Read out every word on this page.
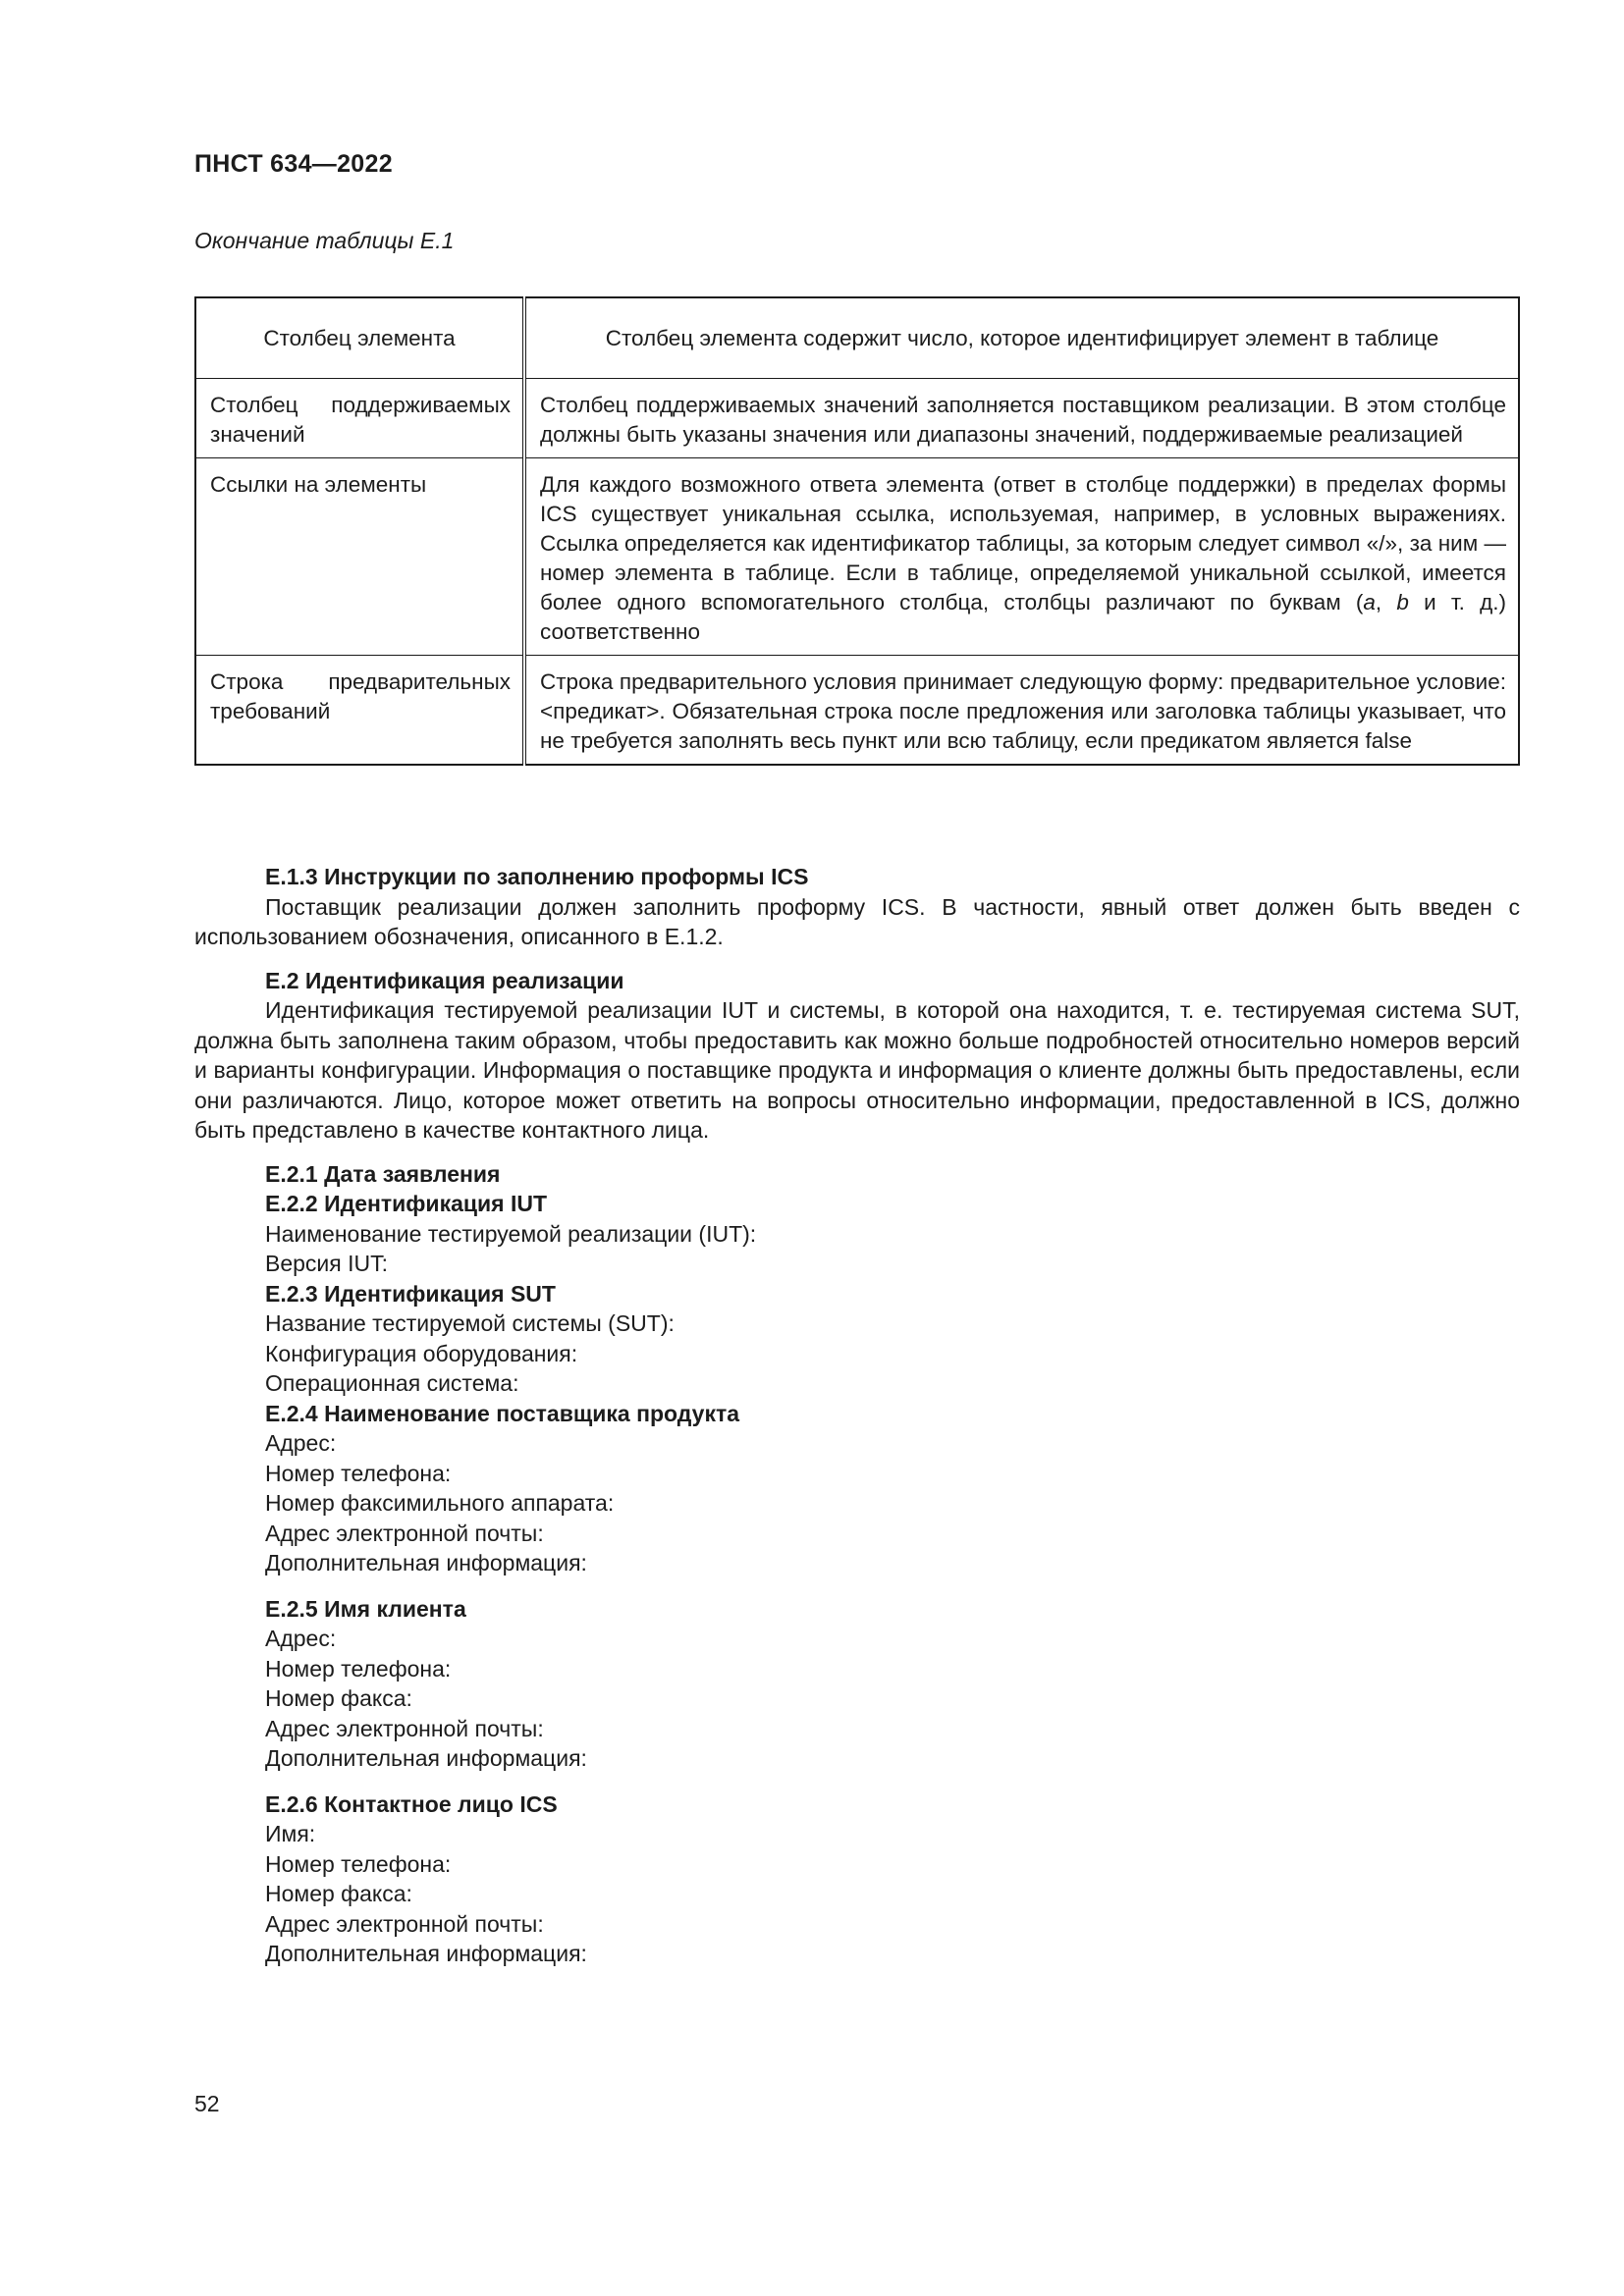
ПНСТ 634—2022

Окончание таблицы Е.1

Столбец элемента	Столбец элемента содержит число, которое идентифицирует элемент в таблице
Столбец поддерживаемых значений	Столбец поддерживаемых значений заполняется поставщиком реализации. В этом столбце должны быть указаны значения или диапазоны значений, поддерживаемые реализацией
Ссылки на элементы	Для каждого возможного ответа элемента (ответ в столбце поддержки) в пределах формы ICS существует уникальная ссылка, используемая, например, в условных выражениях. Ссылка определяется как идентификатор таблицы, за которым следует символ «/», за ним — номер элемента в таблице. Если в таблице, определяемой уникальной ссылкой, имеется более одного вспомогательного столбца, столбцы различают по буквам (a, b и т. д.) соответственно
Строка предварительных требований	Строка предварительного условия принимает следующую форму: предварительное условие: <предикат>. Обязательная строка после предложения или заголовка таблицы указывает, что не требуется заполнять весь пункт или всю таблицу, если предикатом является false
Е.1.3 Инструкции по заполнению проформы ICS

Поставщик реализации должен заполнить проформу ICS. В частности, явный ответ должен быть введен с использованием обозначения, описанного в Е.1.2.

Е.2 Идентификация реализации

Идентификация тестируемой реализации IUT и системы, в которой она находится, т. е. тестируемая система SUT, должна быть заполнена таким образом, чтобы предоставить как можно больше подробностей относительно номеров версий и варианты конфигурации. Информация о поставщике продукта и информация о клиенте должны быть предоставлены, если они различаются. Лицо, которое может ответить на вопросы относительно информации, предоставленной в ICS, должно быть представлено в качестве контактного лица.

Е.2.1 Дата заявления
Е.2.2 Идентификация IUT
Наименование тестируемой реализации (IUT):
Версия IUT:
Е.2.3 Идентификация SUT
Название тестируемой системы (SUT):
Конфигурация оборудования:
Операционная система:
Е.2.4 Наименование поставщика продукта
Адрес:
Номер телефона:
Номер факсимильного аппарата:
Адрес электронной почты:
Дополнительная информация:
Е.2.5 Имя клиента
Адрес:
Номер телефона:
Номер факса:
Адрес электронной почты:
Дополнительная информация:
Е.2.6 Контактное лицо ICS
Имя:
Номер телефона:
Номер факса:
Адрес электронной почты:
Дополнительная информация:

52
